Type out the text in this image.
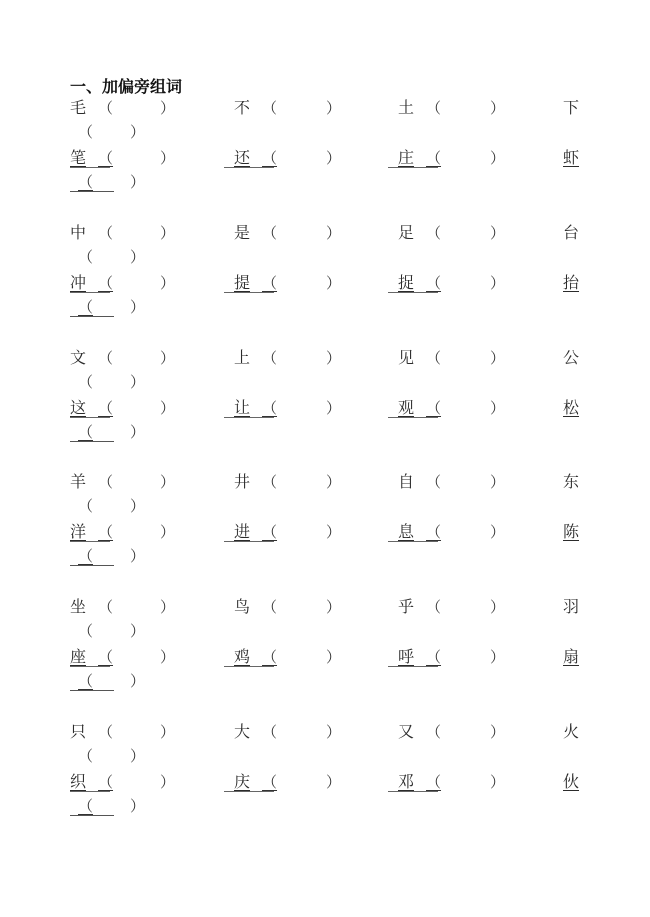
一、加偏旁组词
毛 （	）	不 （	）	土 （	）	下
（ ）
笔 （	）	还 （	）	庄 （	）	虾
（ ）
中 （	）	是 （	）	足 （	）	台
（ ）
冲 （	）	提 （	）	捉 （	）	抬
（ ）
文 （	）	上 （	）	见 （	）	公
（ ）
这 （	）	让 （	）	观 （	）	松
（ ）
羊 （	）	井 （	）	自 （	）	东
（ ）
洋 （	）	进 （	）	息 （	）	陈
（ ）
坐 （	）	鸟 （	）	乎 （	）	羽
（ ）
座 （	）	鸡 （	）	呼 （	）	扇
（ ）
只 （	）	大 （	）	又 （	）	火
（ ）
织 （	）	庆 （	）	邓 （	）	伙
（ ）
